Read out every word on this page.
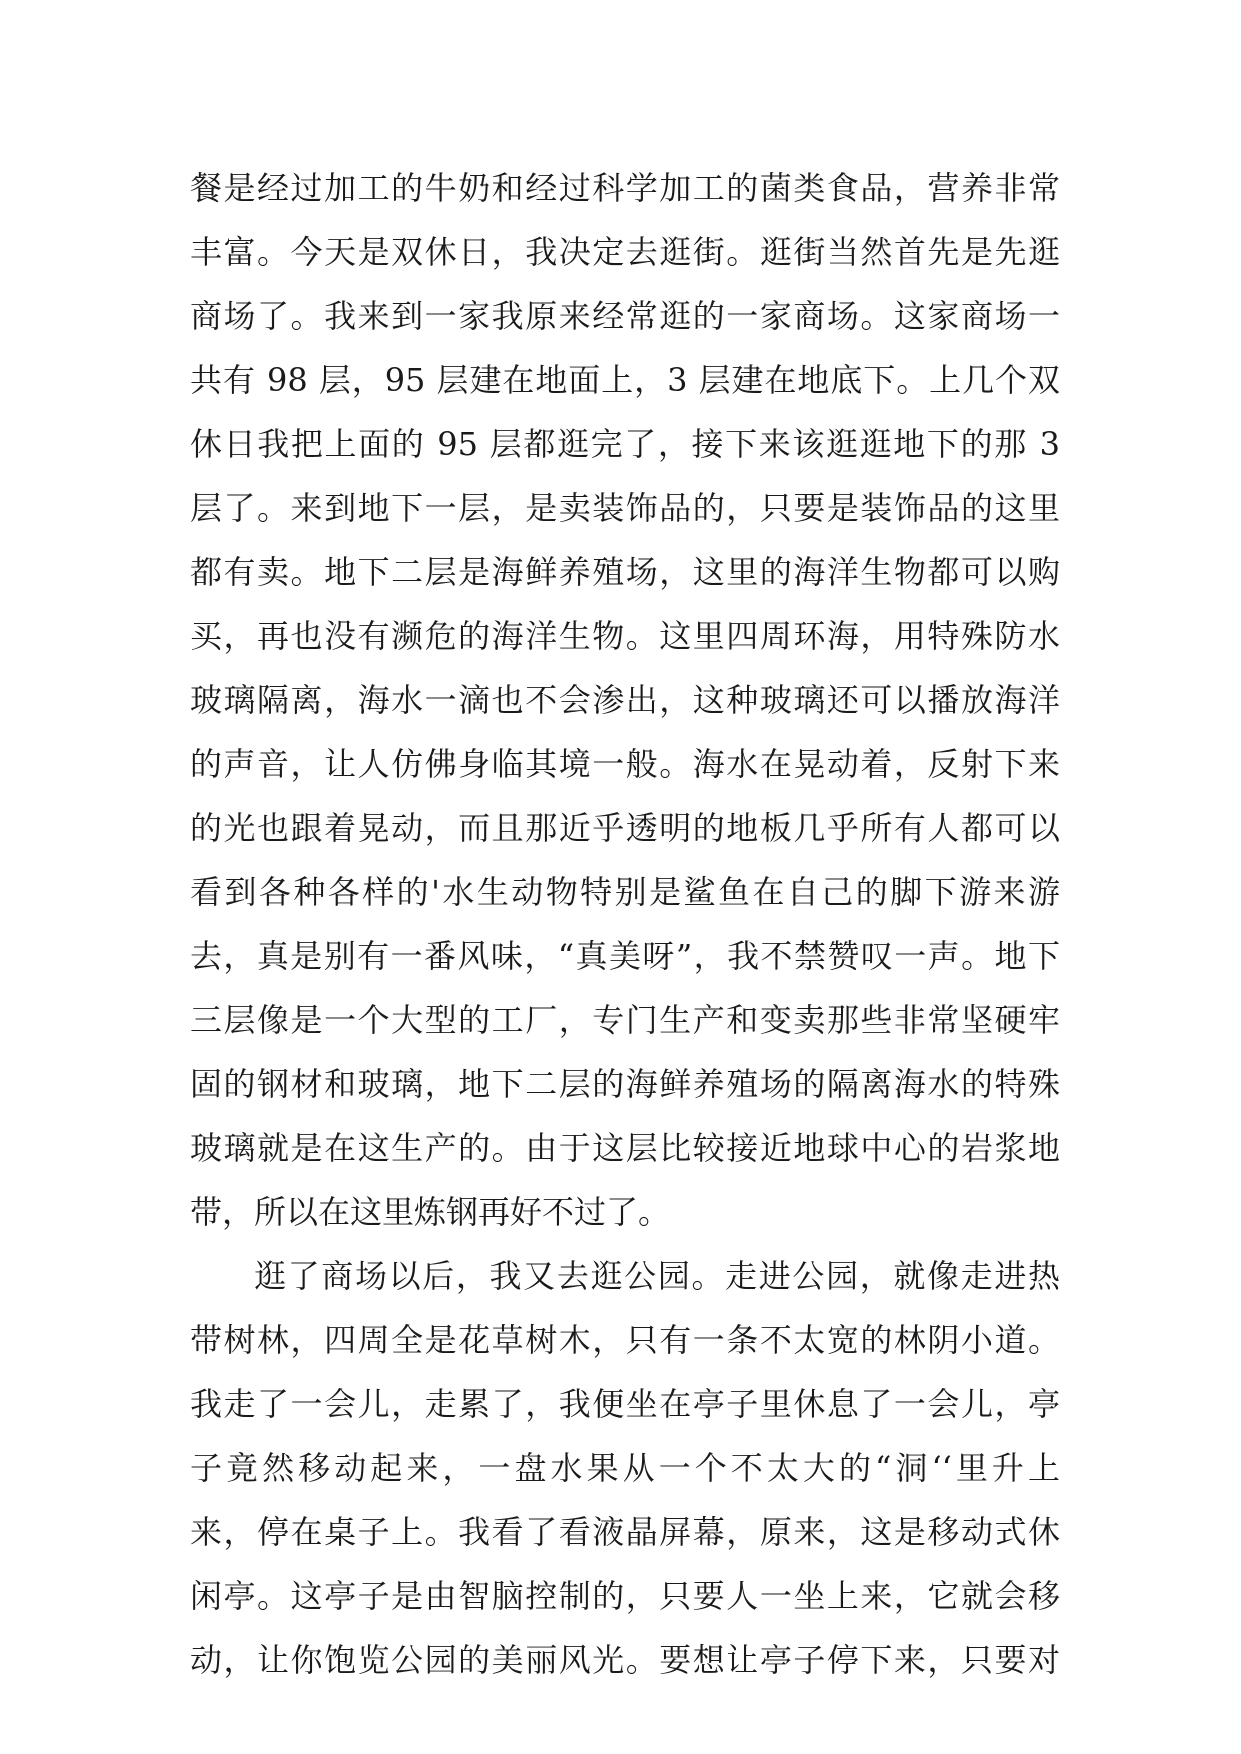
餐是经过加工的牛奶和经过科学加工的菌类食品，营养非常
丰富。今天是双休日，我决定去逛街。逛街当然首先是先逛
商场了。我来到一家我原来经常逛的一家商场。这家商场一
共有 98 层，95 层建在地面上，3 层建在地底下。上几个双
休日我把上面的 95 层都逛完了，接下来该逛逛地下的那 3
层了。来到地下一层，是卖装饰品的，只要是装饰品的这里
都有卖。地下二层是海鲜养殖场，这里的海洋生物都可以购
买，再也没有濒危的海洋生物。这里四周环海，用特殊防水
玻璃隔离，海水一滴也不会渗出，这种玻璃还可以播放海洋
的声音，让人仿佛身临其境一般。海水在晃动着，反射下来
的光也跟着晃动，而且那近乎透明的地板几乎所有人都可以
看到各种各样的'水生动物特别是鲨鱼在自己的脚下游来游
去，真是别有一番风味，“真美呀”，我不禁赞叹一声。地下
三层像是一个大型的工厂，专门生产和变卖那些非常坚硬牢
固的钢材和玻璃，地下二层的海鲜养殖场的隔离海水的特殊
玻璃就是在这生产的。由于这层比较接近地球中心的岩浆地
带，所以在这里炼钢再好不过了。
逛了商场以后，我又去逛公园。走进公园，就像走进热
带树林，四周全是花草树木，只有一条不太宽的林阴小道。
我走了一会儿，走累了，我便坐在亭子里休息了一会儿，亭
子竟然移动起来，一盘水果从一个不太大的“洞‘‘里升上
来，停在桌子上。我看了看液晶屏幕，原来，这是移动式休
闲亭。这亭子是由智脑控制的，只要人一坐上来，它就会移
动，让你饱览公园的美丽风光。要想让亭子停下来，只要对
